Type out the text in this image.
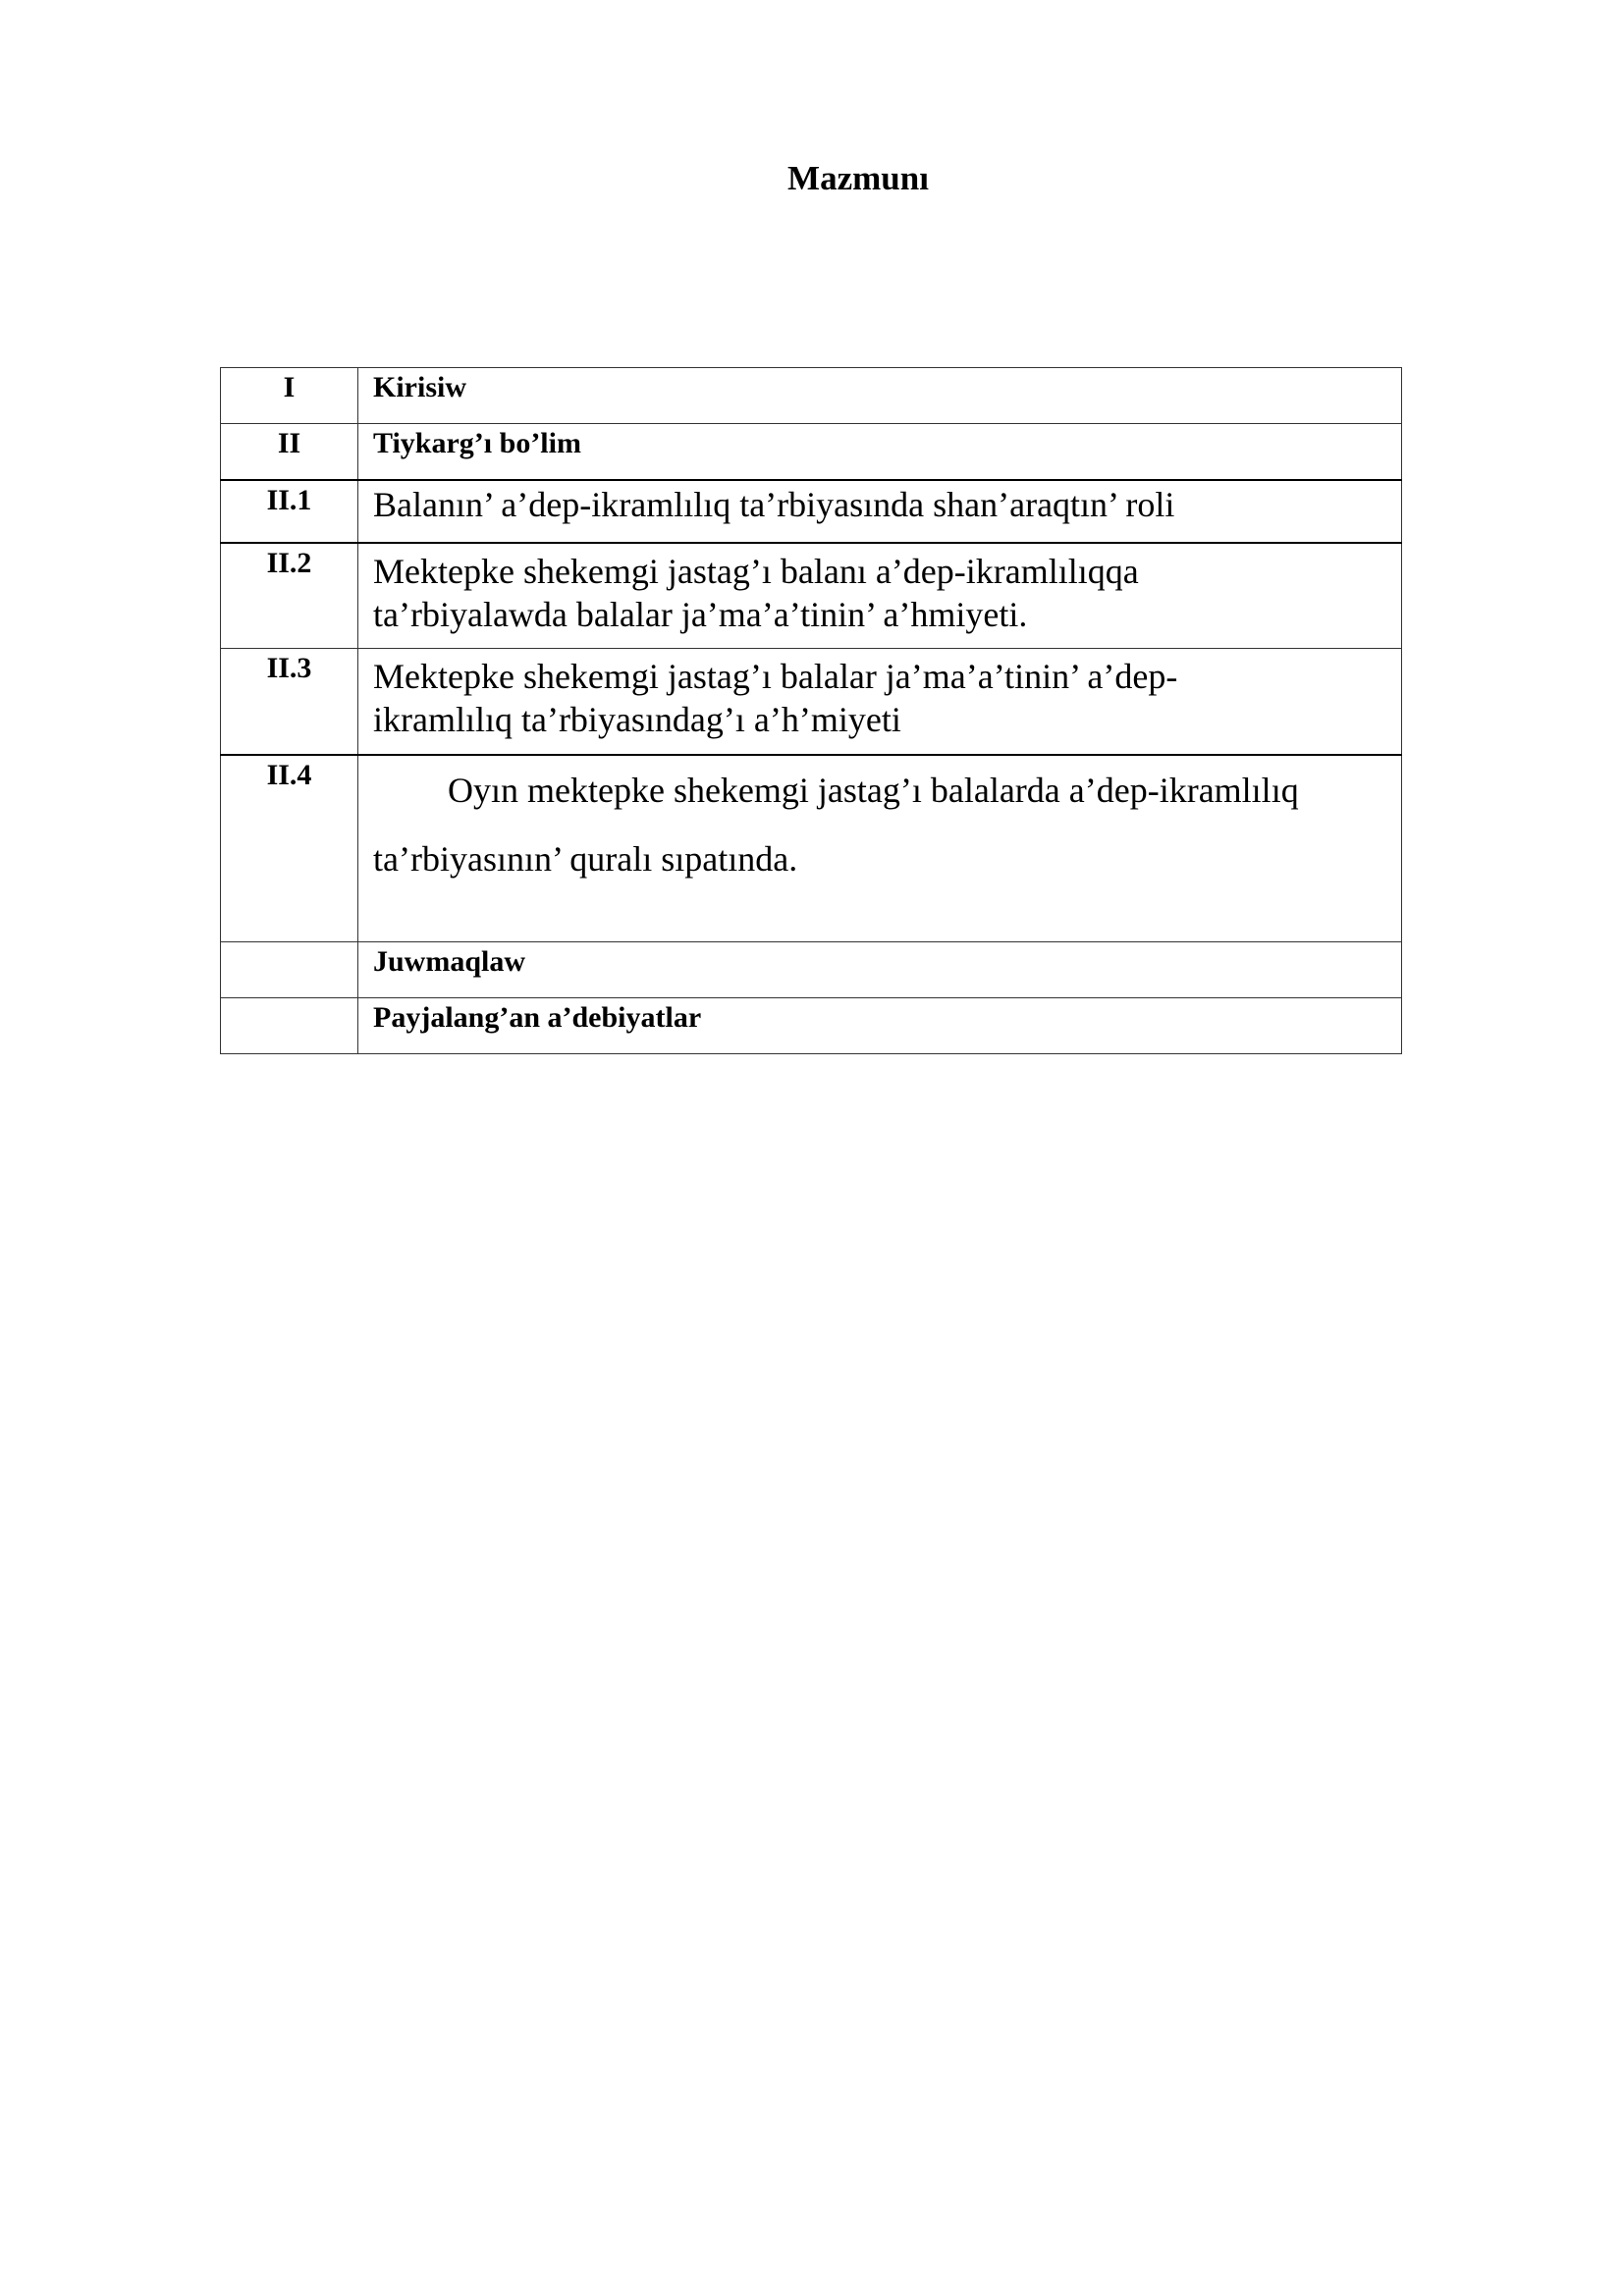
Mazmunı
I	Kirisiw

II	Tiykarg’ı bo’lim

II.1	Balanın’ a’dep-ikramlılıq ta’rbiyasında shan’araqtın’ roli

II.2	Mektepke shekemgi jastag’ı balanı a’dep-ikramlılıqqa
ta’rbiyalawda balalar ja’ma’a’tinin’ a’hmiyeti.

II.3	Mektepke shekemgi jastag’ı balalar ja’ma’a’tinin’ a’dep-
ikramlılıq ta’rbiyasındag’ı a’h’miyeti

II.4	Oyın mektepke shekemgi jastag’ı balalarda a’dep-ikramlılıq
ta’rbiyasının’ quralı sıpatında.

	Juwmaqlaw

	Payjalang’an a’debiyatlar
